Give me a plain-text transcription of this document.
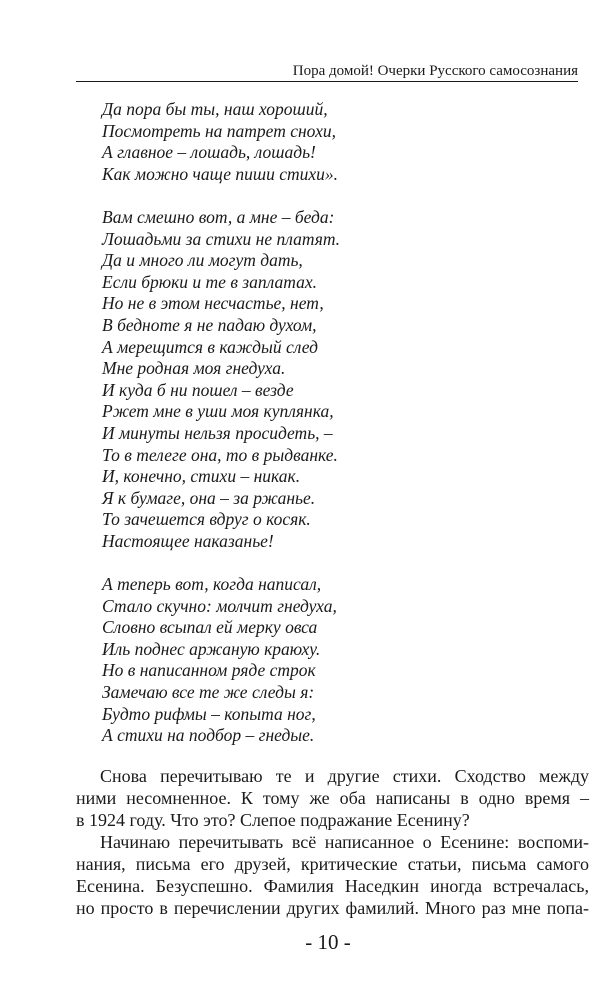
Пора домой! Очерки Русского самосознания
Да пора бы ты, наш хороший,
Посмотреть на патрет снохи,
А главное – лошадь, лошадь!
Как можно чаще пиши стихи».
Вам смешно вот, а мне – беда:
Лошадьми за стихи не платят.
Да и много ли могут дать,
Если брюки и те в заплатах.
Но не в этом несчастье, нет,
В бедноте я не падаю духом,
А мерещится в каждый след
Мне родная моя гнедуха.
И куда б ни пошел – везде
Ржет мне в уши моя куплянка,
И минуты нельзя просидеть, –
То в телеге она, то в рыдванке.
И, конечно, стихи – никак.
Я к бумаге, она – за ржанье.
То зачешется вдруг о косяк.
Настоящее наказанье!
А теперь вот, когда написал,
Стало скучно: молчит гнедуха,
Словно всыпал ей мерку овса
Иль поднес аржаную краюху.
Но в написанном ряде строк
Замечаю все те же следы я:
Будто рифмы – копыта ног,
А стихи на подбор – гнедые.
Снова перечитываю те и другие стихи. Сходство между
ними несомненное. К тому же оба написаны в одно время –
в 1924 году. Что это? Слепое подражание Есенину?
Начинаю перечитывать всё написанное о Есенине: воспоми-
нания, письма его друзей, критические статьи, письма самого
Есенина. Безуспешно. Фамилия Наседкин иногда встречалась,
но просто в перечислении других фамилий. Много раз мне попа-
- 10 -
